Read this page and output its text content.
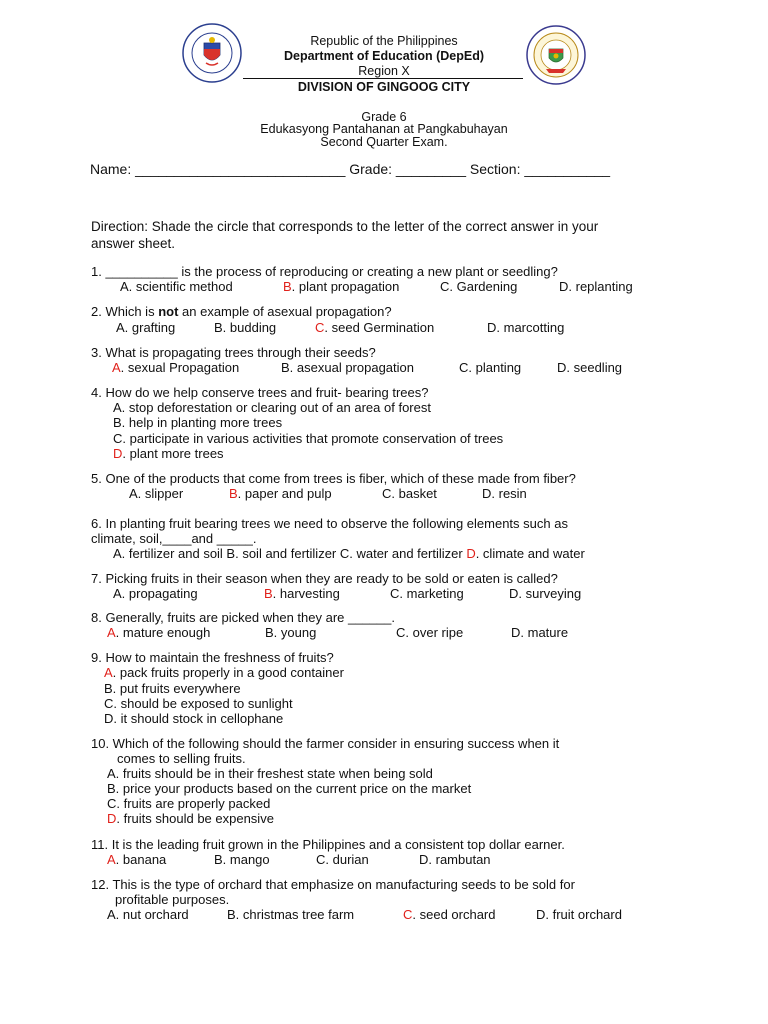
Republic of the Philippines
Department of Education (DepEd)
Region X
DIVISION OF GINGOOG CITY
Grade 6
Edukasyong Pantahanan at Pangkabuhayan
Second Quarter Exam.
Name: ___________________________ Grade: _________ Section: ___________
Direction: Shade the circle that corresponds to the letter of the correct answer in your
answer sheet.
1. __________ is the process of reproducing or creating a new plant or seedling?
A. scientific method	B. plant propagation	C. Gardening	D. replanting
2. Which is not an example of asexual propagation?
A. grafting	B. budding	C. seed Germination	D. marcotting
3. What is propagating trees through their seeds?
A. sexual Propagation	B. asexual propagation	C. planting	D. seedling
4. How do we help conserve trees and fruit- bearing trees?
A. stop deforestation or clearing out of an area of forest
B. help in planting more trees
C. participate in various activities that promote conservation of trees
D. plant more trees
5. One of the products that come from trees is fiber, which of these made from fiber?
A. slipper	B. paper and pulp	C. basket	D. resin
6. In planting fruit bearing trees we need to observe the following elements such as
climate, soil,____and _____.
A. fertilizer and soil B. soil and fertilizer C. water and fertilizer D. climate and water
7. Picking fruits in their season when they are ready to be sold or eaten is called?
A. propagating	B. harvesting	C. marketing	D. surveying
8. Generally, fruits are picked when they are ______.
A. mature enough	B. young	C. over ripe	D. mature
9. How to maintain the freshness of fruits?
A. pack fruits properly in a good container
B. put fruits everywhere
C. should be exposed to sunlight
D. it should stock in cellophane
10. Which of the following should the farmer consider in ensuring success when it
comes to selling fruits.
A. fruits should be in their freshest state when being sold
B. price your products based on the current price on the market
C. fruits are properly packed
D. fruits should be expensive
11. It is the leading fruit grown in the Philippines and a consistent top dollar earner.
A. banana	B. mango	C. durian	D. rambutan
12. This is the type of orchard that emphasize on manufacturing seeds to be sold for
profitable purposes.
A. nut orchard	B. christmas tree farm	C. seed orchard	D. fruit orchard
